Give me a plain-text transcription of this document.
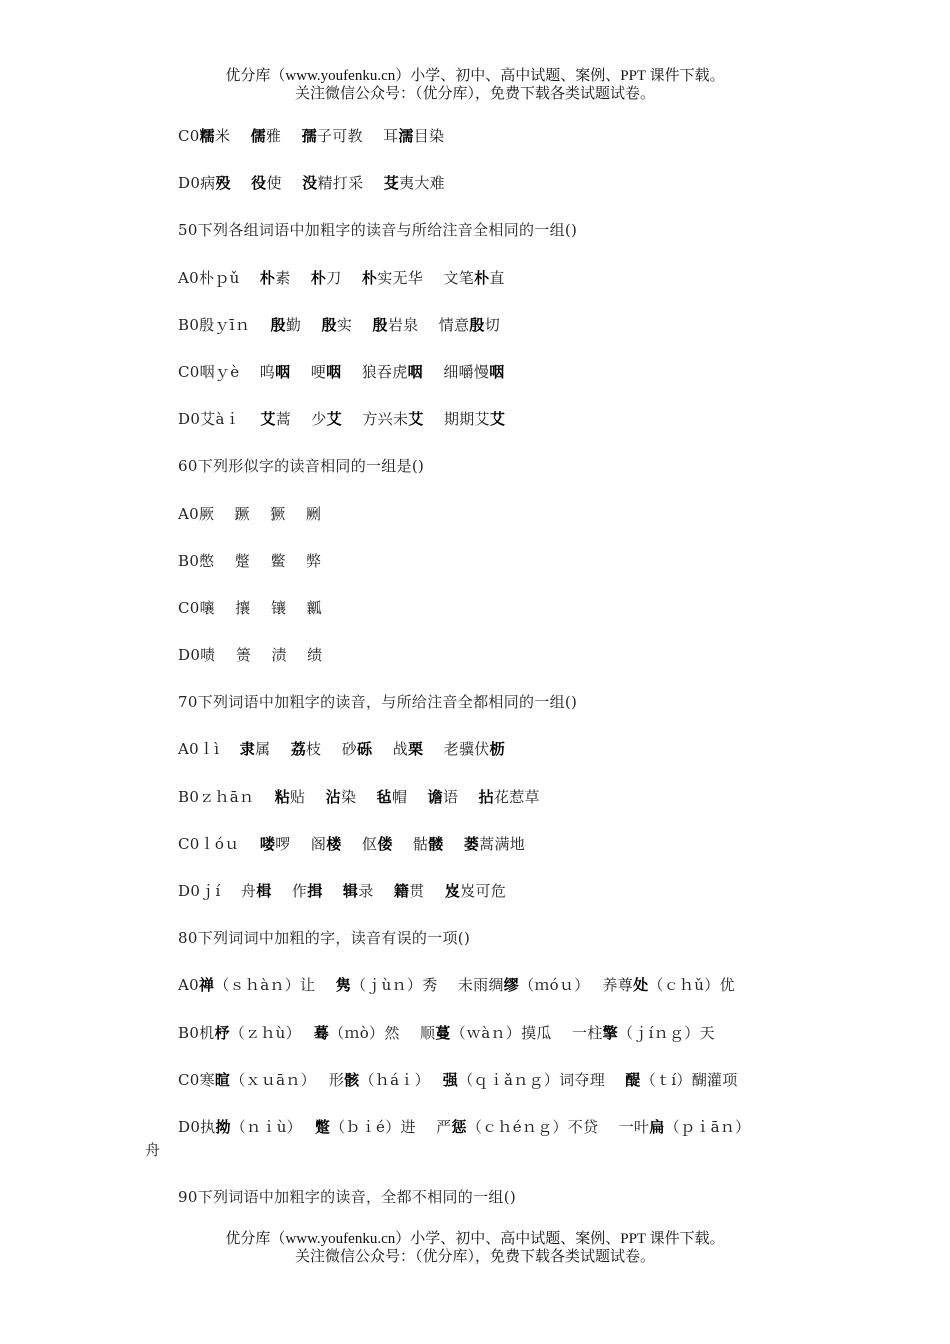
优分库（www.youfenku.cn）小学、初中、高中试题、案例、PPT 课件下载。
关注微信公众号：（优分库），免费下载各类试题试卷。
C0糯米　 儒雅　 孺子可教　 耳濡目染
D0病殁　 役使　 没精打采　 芟夷大难
50下列各组词语中加粗字的读音与所给注音全相同的一组()
A0朴ｐǔ　 朴素　 朴刀　 朴实无华　 文笔朴直
B0殷ｙīｎ　 殷勤　 殷实　 殷岩泉　 情意殷切
C0咽ｙè　 呜咽　 哽咽　 狼吞虎咽　 细嚼慢咽
D0艾àｉ　 艾蒿　 少艾　 方兴未艾　 期期艾艾
60下列形似字的读音相同的一组是()
A0厥　 蹶　 獗　 劂
B0憋　 蹩　 鳖　 弊
C0嚷　 攘　 镶　 瓤
D0啧　 箦　 渍　 绩
70下列词语中加粗字的读音，与所给注音全都相同的一组()
A0ｌì　 隶属　 荔枝　 砂砾　 战栗　 老骥伏枥
B0ｚｈāｎ　 粘贴　 沾染　 毡帽　 谵语　 拈花惹草
C0ｌóｕ　 喽啰　 阁楼　 伛偻　 骷髅　 蒌蒿满地
D0ｊí　 舟楫　 作揖　 辑录　 籍贯　 岌岌可危
80下列词词中加粗的字，读音有误的一项()
A0禅（ｓｈàｎ）让　 隽（ｊùｎ）秀　 未雨绸缪（ｍóｕ）　 养尊处（ｃｈǔ）优
B0机杼（ｚｈù）　 蓦（ｍò）然　 顺蔓（ｗàｎ）摸瓜　 一柱擎（ｊíｎｇ）天
C0寒暄（ｘｕāｎ）　 形骸（ｈáｉ）　 强（ｑｉǎｎｇ）词夺理　 醍（ｔí）醐灌项
D0执拗（ｎｉù）　 蹩（ｂｉé）进　 严惩（ｃｈéｎｇ）不贷　 一叶扁（ｐｉāｎ）
舟
90下列词语中加粗字的读音，全都不相同的一组()
优分库（www.youfenku.cn）小学、初中、高中试题、案例、PPT 课件下载。
关注微信公众号：（优分库），免费下载各类试题试卷。
